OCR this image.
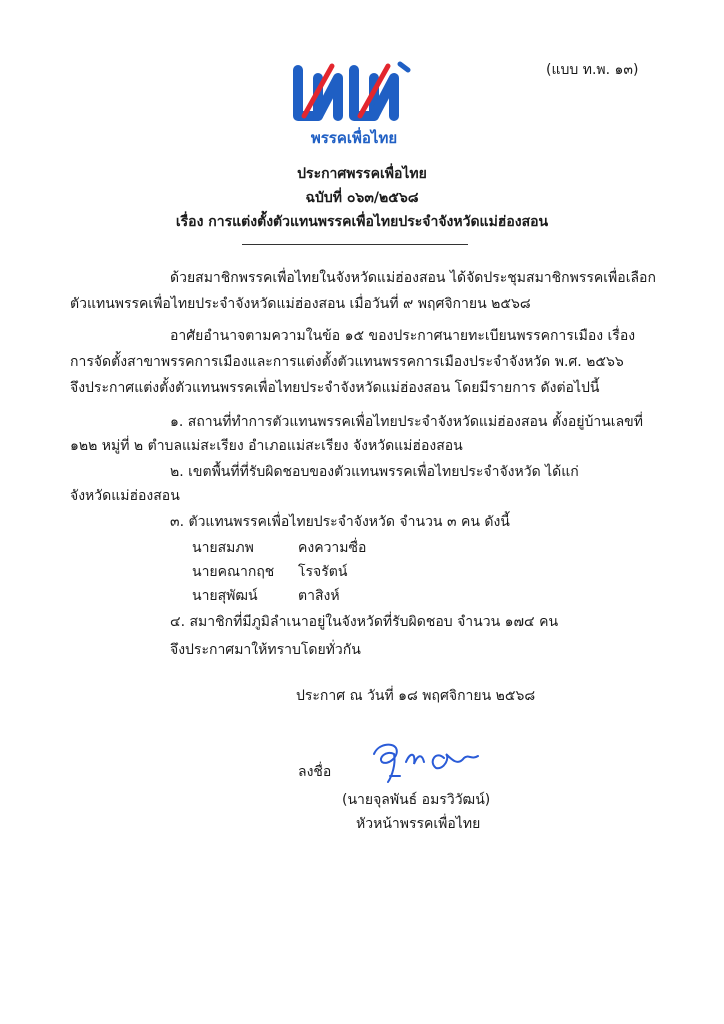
(แบบ ท.พ. ๑๓)
พรรคเพื่อไทย
ประกาศพรรคเพื่อไทย
ฉบับที่ ๐๖๓/๒๕๖๘
เรื่อง การแต่งตั้งตัวแทนพรรคเพื่อไทยประจำจังหวัดแม่ฮ่องสอน
ด้วยสมาชิกพรรคเพื่อไทยในจังหวัดแม่ฮ่องสอน ได้จัดประชุมสมาชิกพรรคเพื่อเลือก
ตัวแทนพรรคเพื่อไทยประจำจังหวัดแม่ฮ่องสอน เมื่อวันที่ ๙ พฤศจิกายน ๒๕๖๘
อาศัยอำนาจตามความในข้อ ๑๕ ของประกาศนายทะเบียนพรรคการเมือง เรื่อง
การจัดตั้งสาขาพรรคการเมืองและการแต่งตั้งตัวแทนพรรคการเมืองประจำจังหวัด พ.ศ. ๒๕๖๖
จึงประกาศแต่งตั้งตัวแทนพรรคเพื่อไทยประจำจังหวัดแม่ฮ่องสอน โดยมีรายการ ดังต่อไปนี้
๑. สถานที่ทำการตัวแทนพรรคเพื่อไทยประจำจังหวัดแม่ฮ่องสอน ตั้งอยู่บ้านเลขที่
๑๒๒ หมู่ที่ ๒ ตำบลแม่สะเรียง อำเภอแม่สะเรียง จังหวัดแม่ฮ่องสอน
๒. เขตพื้นที่ที่รับผิดชอบของตัวแทนพรรคเพื่อไทยประจำจังหวัด ได้แก่
จังหวัดแม่ฮ่องสอน
๓. ตัวแทนพรรคเพื่อไทยประจำจังหวัด จำนวน ๓ คน ดังนี้
นายสมภพ	คงความซื่อ
นายคณากฤช โรจรัตน์
นายสุพัฒน์	ตาสิงห์
๔. สมาชิกที่มีภูมิลำเนาอยู่ในจังหวัดที่รับผิดชอบ จำนวน ๑๗๔ คน
จึงประกาศมาให้ทราบโดยทั่วกัน
ประกาศ ณ วันที่ ๑๘ พฤศจิกายน ๒๕๖๘
ลงชื่อ
(นายจุลพันธ์ อมรวิวัฒน์)
หัวหน้าพรรคเพื่อไทย
